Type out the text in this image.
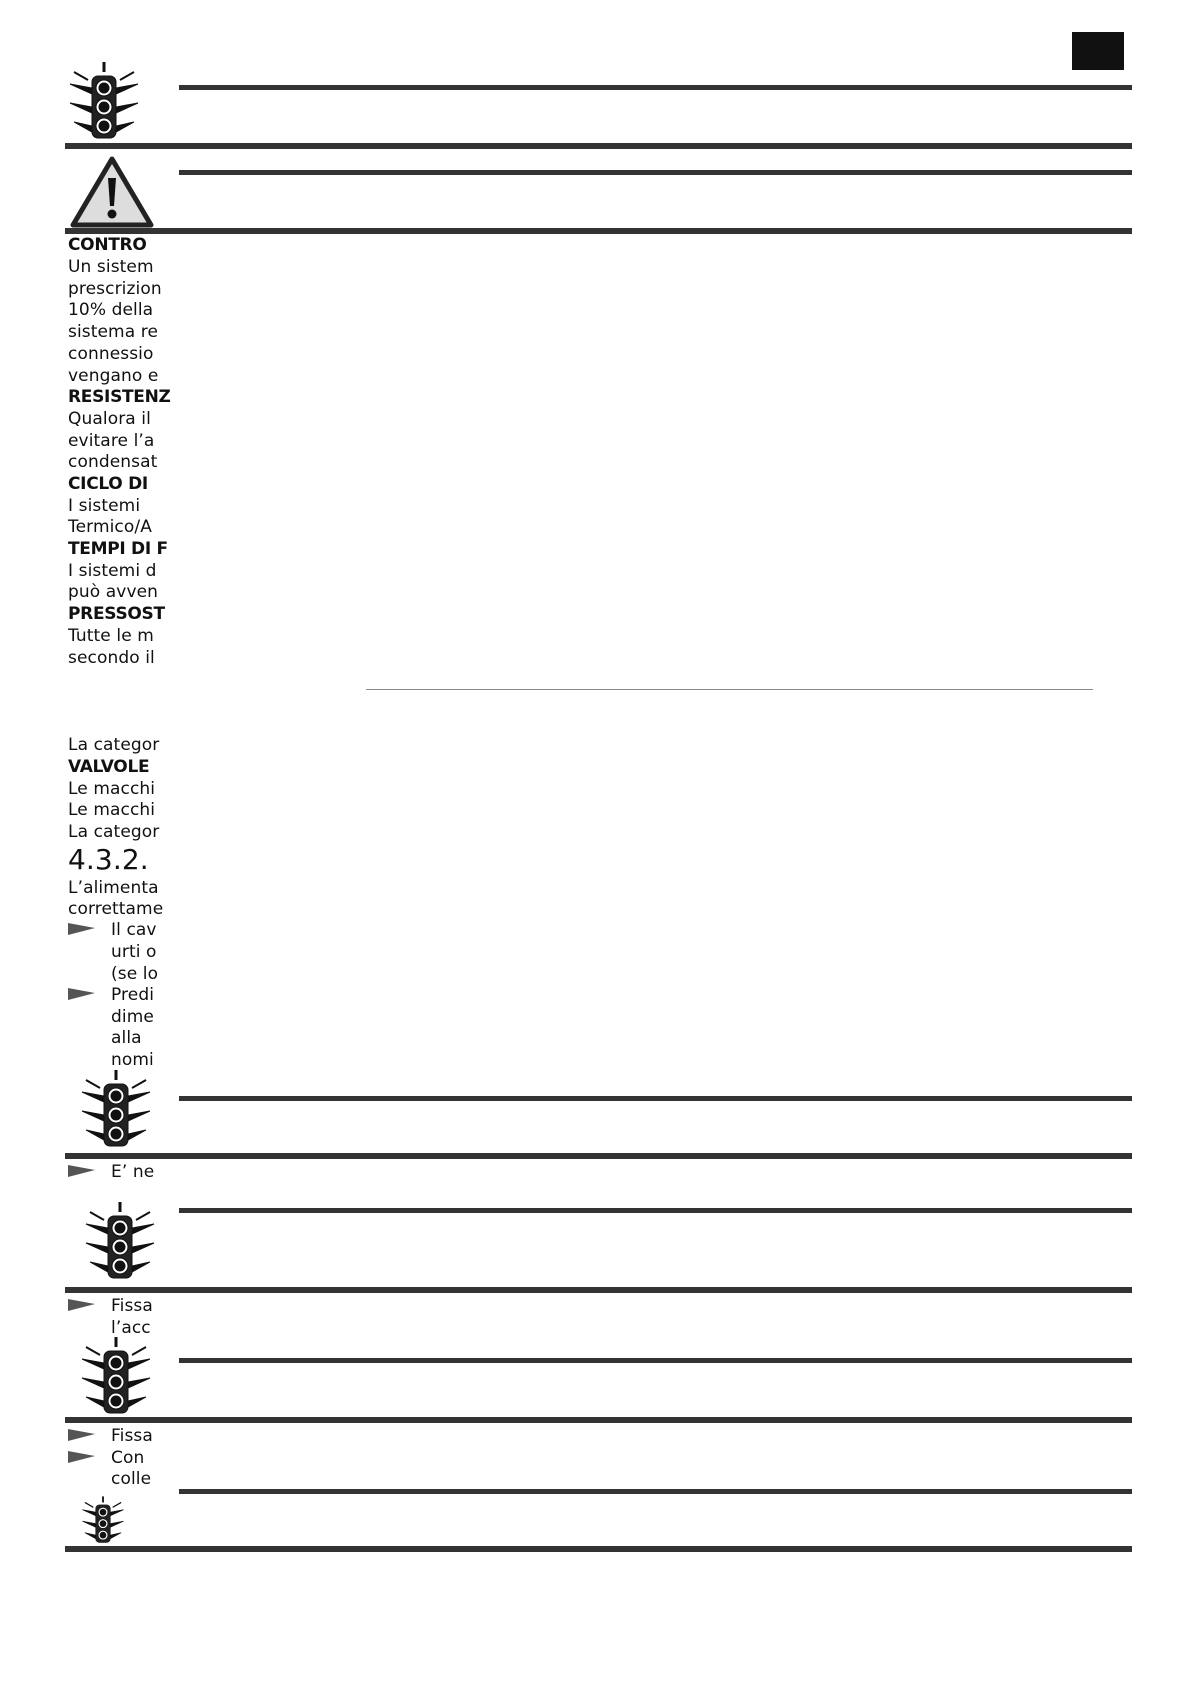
CONTRO
Un sistem
prescrizion
10% della
sistema re
connessio
vengano e
RESISTENZ
Qualora il
evitare l’a
condensat
CICLO DI
I sistemi
Termico/A
TEMPI DI F
I sistemi d
può avven
PRESSOST
Tutte le m
secondo il
La categor
VALVOLE
Le macchi
Le macchi
La categor
4.3.2.
L’alimenta
correttame
Il cav
urti o
(se lo
Predi
dime
alla
nomi
E’ ne
Fissa
l’acc
Fissa
Con
colle
